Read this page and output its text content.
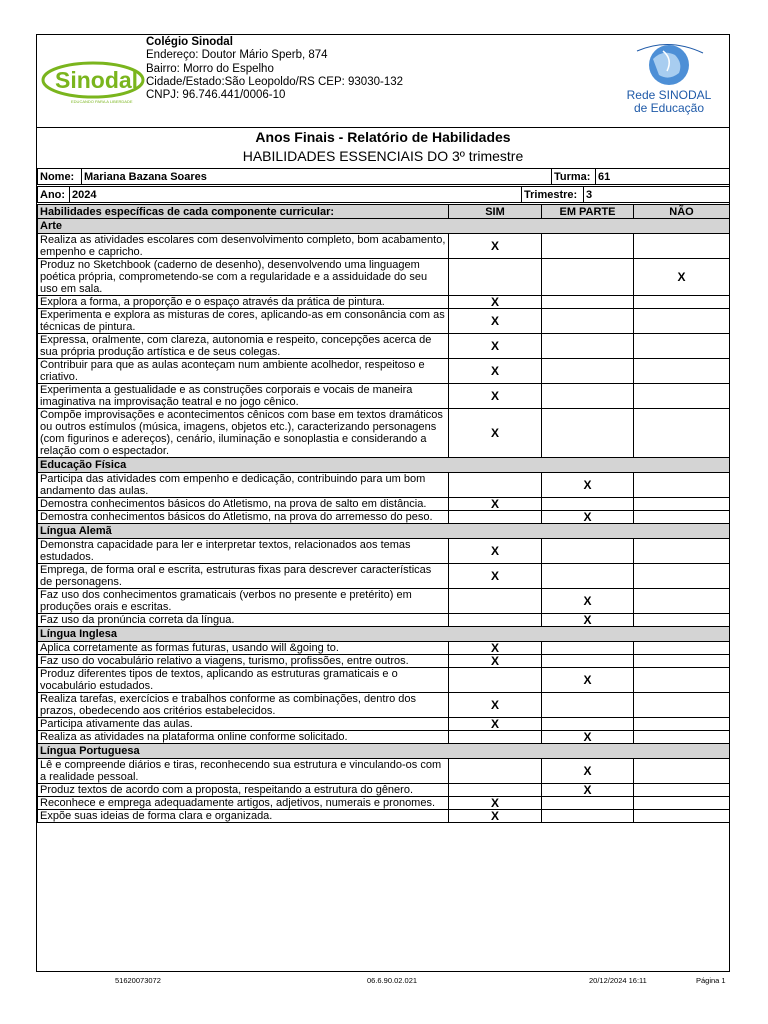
Sinodal
EDUCANDO PARA A LIBERDADE
Colégio Sinodal
Endereço: Doutor Mário Sperb, 874
Bairro: Morro do Espelho
Cidade/Estado:São Leopoldo/RS CEP: 93030-132
CNPJ: 96.746.441/0006-10	Rede SINODAL
de Educação
Anos Finais - Relatório de Habilidades
HABILIDADES ESSENCIAIS DO 3º trimestre
Nome:	Mariana Bazana Soares	Turma:	61
Ano:	2024	Trimestre:	3
Habilidades específicas de cada componente curricular:	SIM	EM PARTE	NÃO
Arte			
Realiza as atividades escolares com desenvolvimento completo, bom acabamento, empenho e capricho.	X		
Produz no Sketchbook (caderno de desenho), desenvolvendo uma linguagem poética própria, comprometendo-se com a regularidade e a assiduidade do seu uso em sala.			X
Explora a forma, a proporção e o espaço através da prática de pintura.	X		
Experimenta e explora as misturas de cores, aplicando-as em consonância com as técnicas de pintura.	X		
Expressa, oralmente, com clareza, autonomia e respeito, concepções acerca de sua própria produção artística e de seus colegas.	X		
Contribuir para que as aulas aconteçam num ambiente acolhedor, respeitoso e criativo.	X		
Experimenta a gestualidade e as construções corporais e vocais de maneira imaginativa na improvisação teatral e no jogo cênico.	X		
Compõe improvisações e acontecimentos cênicos com base em textos dramáticos ou outros estímulos (música, imagens, objetos etc.), caracterizando personagens (com figurinos e adereços), cenário, iluminação e sonoplastia e considerando a relação com o espectador.	X		
Educação Física			
Participa das atividades com empenho e dedicação, contribuindo para um bom andamento das aulas.		X	
Demostra conhecimentos básicos do Atletismo, na prova de salto em distância.	X		
Demostra conhecimentos básicos do Atletismo, na prova do arremesso do peso.		X	
Língua Alemã			
Demonstra capacidade para ler e interpretar textos, relacionados aos temas estudados.	X		
Emprega, de forma oral e escrita, estruturas fixas para descrever características de personagens.	X		
Faz uso dos conhecimentos gramaticais (verbos no presente e pretérito) em produções orais e escritas.		X	
Faz uso da pronúncia correta da língua.		X	
Língua Inglesa			
Aplica corretamente as formas futuras, usando will &going to.	X		
Faz uso do vocabulário relativo a viagens, turismo, profissões, entre outros.	X		
Produz diferentes tipos de textos, aplicando as estruturas gramaticais e o vocabulário estudados.		X	
Realiza tarefas, exercícios e trabalhos conforme as combinações, dentro dos prazos, obedecendo aos critérios estabelecidos.	X		
Participa ativamente das aulas.	X		
Realiza as atividades na plataforma online conforme solicitado.		X	
Língua Portuguesa			
Lê e compreende diários e tiras, reconhecendo sua estrutura e vinculando-os com a realidade pessoal.		X	
Produz textos de acordo com a proposta, respeitando a estrutura do gênero.		X	
Reconhece e emprega adequadamente artigos, adjetivos, numerais e pronomes.	X		
Expõe suas ideias de forma clara e organizada.	X		
51620073072	06.6.90.02.021	20/12/2024 16:11	Página 1
